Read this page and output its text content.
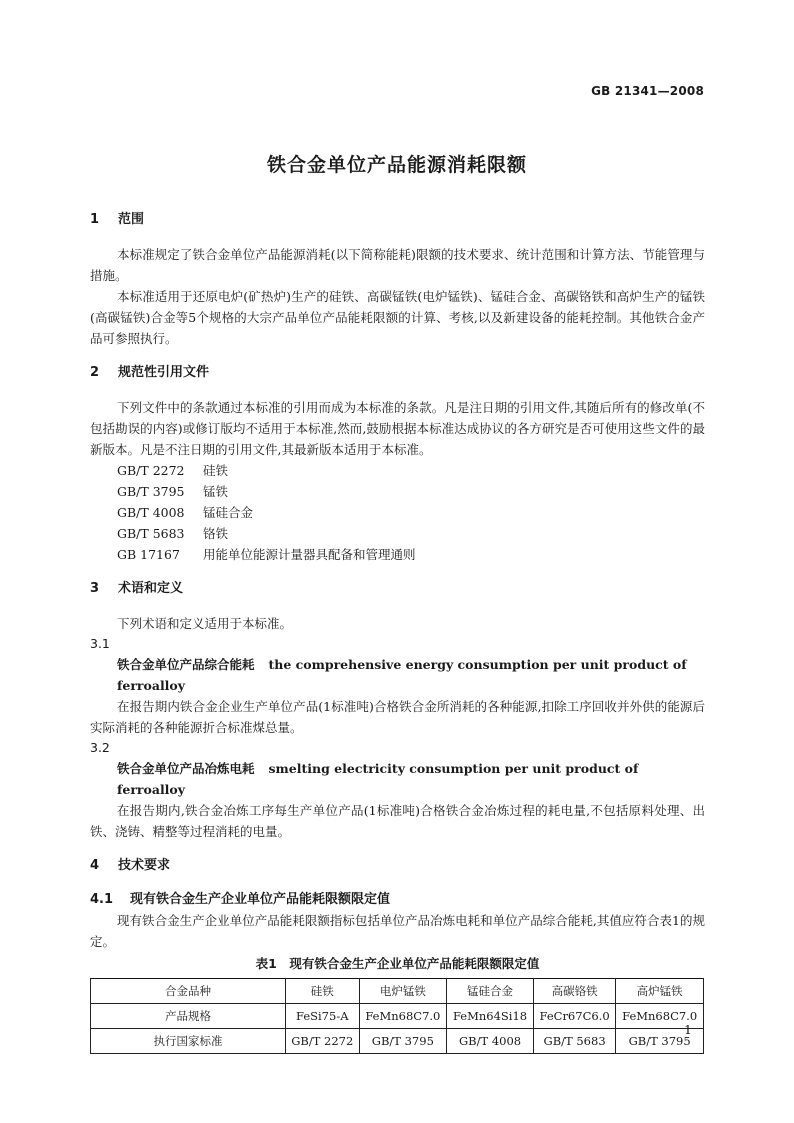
GB 21341—2008
铁合金单位产品能源消耗限额
1 范围

本标准规定了铁合金单位产品能源消耗(以下简称能耗)限额的技术要求、统计范围和计算方法、节能管理与措施。

本标准适用于还原电炉(矿热炉)生产的硅铁、高碳锰铁(电炉锰铁)、锰硅合金、高碳铬铁和高炉生产的锰铁(高碳锰铁)合金等5个规格的大宗产品单位产品能耗限额的计算、考核,以及新建设备的能耗控制。其他铁合金产品可参照执行。

2 规范性引用文件

下列文件中的条款通过本标准的引用而成为本标准的条款。凡是注日期的引用文件,其随后所有的修改单(不包括勘误的内容)或修订版均不适用于本标准,然而,鼓励根据本标准达成协议的各方研究是否可使用这些文件的最新版本。凡是不注日期的引用文件,其最新版本适用于本标准。

GB/T 2272 硅铁
GB/T 3795 锰铁
GB/T 4008 锰硅合金
GB/T 5683 铬铁
GB 17167 用能单位能源计量器具配备和管理通则
3 术语和定义

下列术语和定义适用于本标准。

3.1
铁合金单位产品综合能耗 the comprehensive energy consumption per unit product of ferroalloy

在报告期内铁合金企业生产单位产品(1标准吨)合格铁合金所消耗的各种能源,扣除工序回收并外供的能源后实际消耗的各种能源折合标准煤总量。

3.2
铁合金单位产品冶炼电耗 smelting electricity consumption per unit product of ferroalloy

在报告期内,铁合金冶炼工序每生产单位产品(1标准吨)合格铁合金冶炼过程的耗电量,不包括原料处理、出铁、浇铸、精整等过程消耗的电量。

4 技术要求
4.1 现有铁合金生产企业单位产品能耗限额限定值

现有铁合金生产企业单位产品能耗限额指标包括单位产品冶炼电耗和单位产品综合能耗,其值应符合表1的规定。

表1　现有铁合金生产企业单位产品能耗限额限定值
合金品种	硅铁	电炉锰铁	锰硅合金	高碳铬铁	高炉锰铁
产品规格	FeSi75-A	FeMn68C7.0	FeMn64Si18	FeCr67C6.0	FeMn68C7.0
执行国家标准	GB/T 2272	GB/T 3795	GB/T 4008	GB/T 5683	GB/T 3795
1
